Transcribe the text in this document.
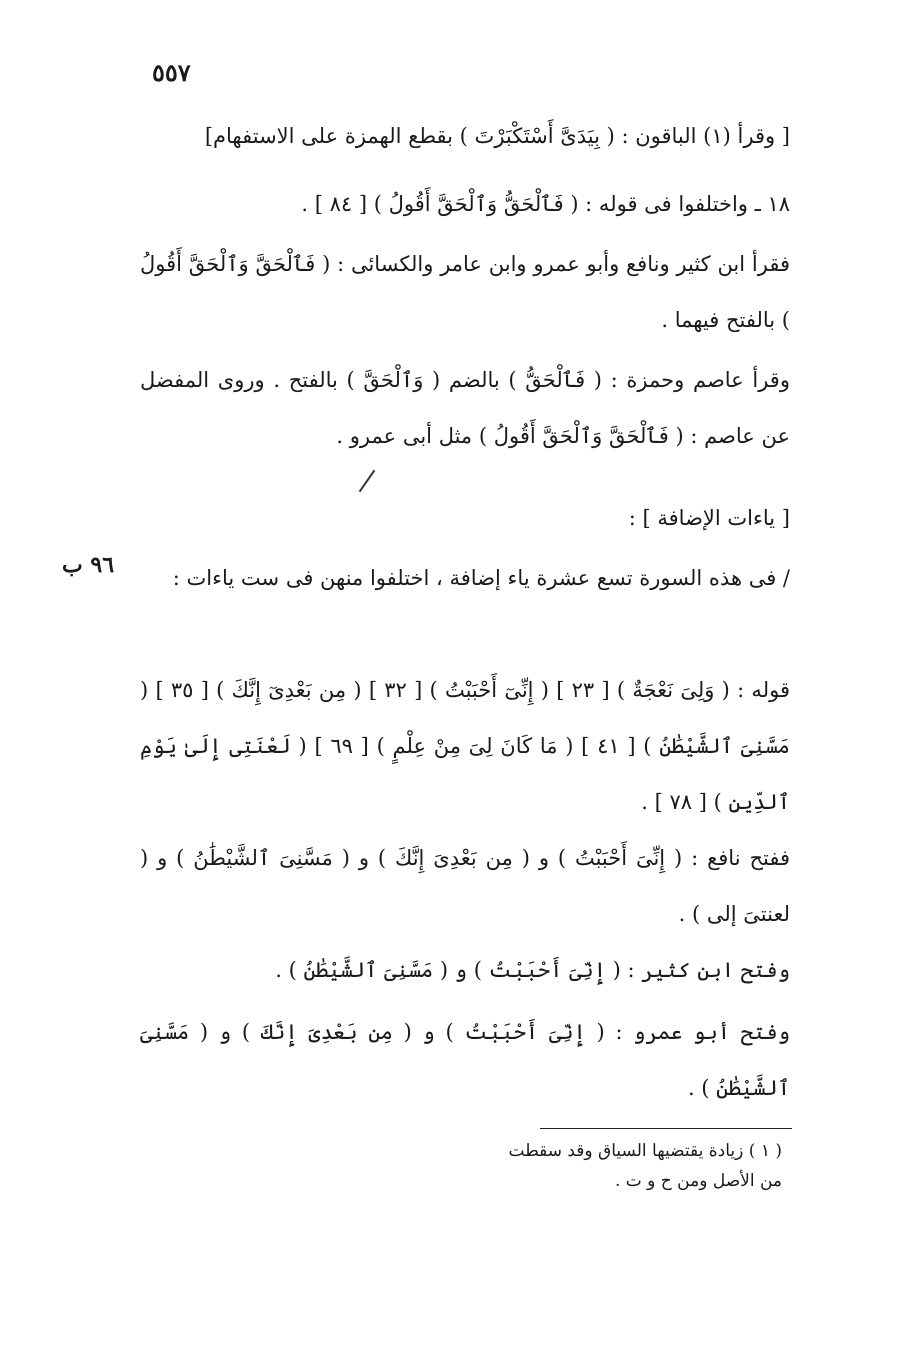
٥٥٧
٩٦ ب
[ وقرأ (١) الباقون : ( بِيَدَىَّ أَسْتَكْبَرْتَ ) بقطع الهمزة على الاستفهام]
١٨ ـ واختلفوا فى قوله : ( فَٱلْحَقُّ وَٱلْحَقَّ أَقُولُ ) [ ٨٤ ] .
فقرأ ابن كثير ونافع وأبو عمرو وابن عامر والكسائى : ( فَٱلْحَقَّ وَٱلْحَقَّ أَقُولُ ) بالفتح فيهما .
وقرأ عاصم وحمزة : ( فَٱلْحَقُّ ) بالضم ( وَٱلْحَقَّ ) بالفتح . وروى المفضل عن عاصم : ( فَٱلْحَقَّ وَٱلْحَقَّ أَقُولُ ) مثل أبى عمرو .
[ ياءات الإضافة ] :
/ فى هذه السورة تسع عشرة ياء إضافة ، اختلفوا منهن فى ست ياءات :
قوله : ( وَلِىَ نَعْجَةٌ ) [ ٢٣ ] ( إِنِّىٓ أَحْبَبْتُ ) [ ٣٢ ] ( مِن بَعْدِىٓ إِنَّكَ ) [ ٣٥ ] ( مَسَّنِىَ ٱلشَّيْطَٰنُ ) [ ٤١ ] ( مَا كَانَ لِىَ مِنْ عِلْمٍ ) [ ٦٩ ] ( لَعْنَتِى إِلَىٰ يَوْمِ ٱلدِّينِ ) [ ٧٨ ] .
ففتح نافع : ( إِنِّىَ أَحْبَبْتُ ) و ( مِن بَعْدِىَ إِنَّكَ ) و ( مَسَّنِىَ ٱلشَّيْطَٰنُ ) و ( لعنتىَ إلى ) .
وفتح ابن كثير : ( إِنِّىَ أَحْبَبْتُ ) و ( مَسَّنِىَ ٱلشَّيْطَٰنُ ) .
وفتح أبو عمرو : ( إِنِّىَ أَحْبَبْتُ ) و ( مِن بَعْدِىَ إِنَّكَ ) و ( مَسَّنِىَ ٱلشَّيْطَٰنُ ) .
( ١ ) زيادة يقتضيها السياق وقد سقطت
من الأصل ومن ح و ت .
